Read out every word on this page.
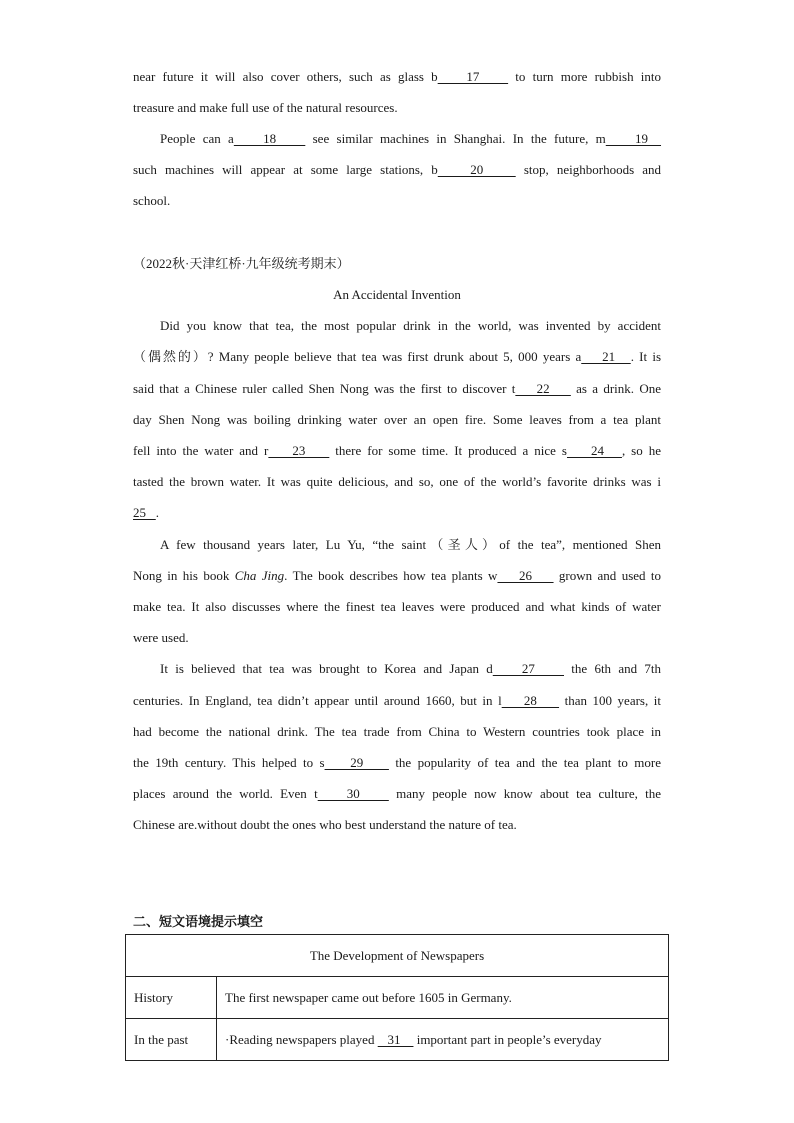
near future it will also cover others, such as glass b    17     to turn more rubbish into
treasure and make full use of the natural resources.
People can a    18     see similar machines in Shanghai. In the future, m    19
such machines will appear at some large stations, b    20     stop, neighborhoods and
school.
（2022秋·天津红桥·九年级统考期末）
An Accidental Invention
Did you know that tea, the most popular drink in the world, was invented by accident
（偶然的）? Many people believe that tea was first drunk about 5, 000 years a    21   . It is
said that a Chinese ruler called Shen Nong was the first to discover t    22     as a drink. One
day Shen Nong was boiling drinking water over an open fire. Some leaves from a tea plant
fell into the water and r    23     there for some time. It produced a nice s    24   , so he
tasted the brown water. It was quite delicious, and so, one of the world’s favorite drinks was i
25   .
A few thousand years later, Lu Yu, “the saint（圣人）of the tea”, mentioned Shen
Nong in his book Cha Jing. The book describes how tea plants w    26     grown and used to
make tea. It also discusses where the finest tea leaves were produced and what kinds of water
were used.
It is believed that tea was brought to Korea and Japan d    27     the 6th and 7th
centuries. In England, tea didn’t appear until around 1660, but in l    28     than 100 years, it
had become the national drink. The tea trade from China to Western countries took place in
the 19th century. This helped to s    29     the popularity of tea and the tea plant to more
places around the world. Even t    30     many people now know about tea culture, the
Chinese are.without doubt the ones who best understand the nature of tea.
二、短文语境提示填空
The Development of Newspapers	
History	The first newspaper came out before 1605 in Germany.
In the past	·Reading newspapers played    31     important part in people’s everyday
